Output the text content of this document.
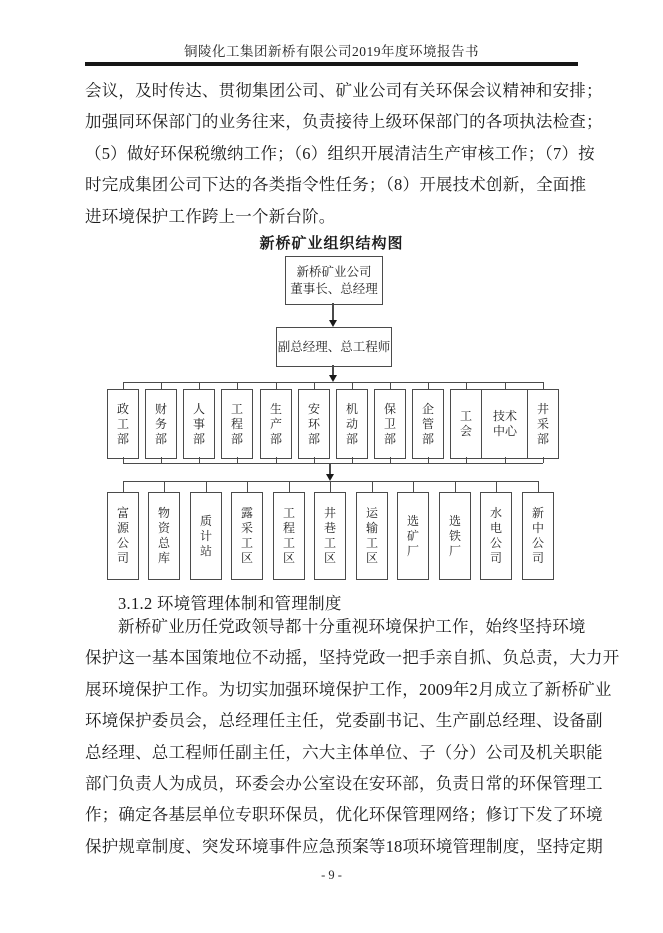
铜陵化工集团新桥有限公司2019年度环境报告书
会议，及时传达、贯彻集团公司、矿业公司有关环保会议精神和安排；
加强同环保部门的业务往来，负责接待上级环保部门的各项执法检查；
（5）做好环保税缴纳工作；（6）组织开展清洁生产审核工作；（7）按
时完成集团公司下达的各类指令性任务；（8）开展技术创新，全面推
进环境保护工作跨上一个新台阶。
新桥矿业组织结构图
新桥矿业公司
董事长、总经理
副总经理、总工程师
政工部
财务部
人事部
工程部
生产部
安环部
机动部
保卫部
企管部
工会
技术中心
井采部
富源公司
物资总库
质计站
露采工区
工程工区
井巷工区
运输工区
选矿厂
选铁厂
水电公司
新中公司
3.1.2 环境管理体制和管理制度
新桥矿业历任党政领导都十分重视环境保护工作，始终坚持环境
保护这一基本国策地位不动摇，坚持党政一把手亲自抓、负总责，大力开
展环境保护工作。为切实加强环境保护工作，2009年2月成立了新桥矿业
环境保护委员会，总经理任主任，党委副书记、生产副总经理、设备副
总经理、总工程师任副主任，六大主体单位、子（分）公司及机关职能
部门负责人为成员，环委会办公室设在安环部，负责日常的环保管理工
作；确定各基层单位专职环保员，优化环保管理网络；修订下发了环境
保护规章制度、突发环境事件应急预案等18项环境管理制度，坚持定期
- 9 -
